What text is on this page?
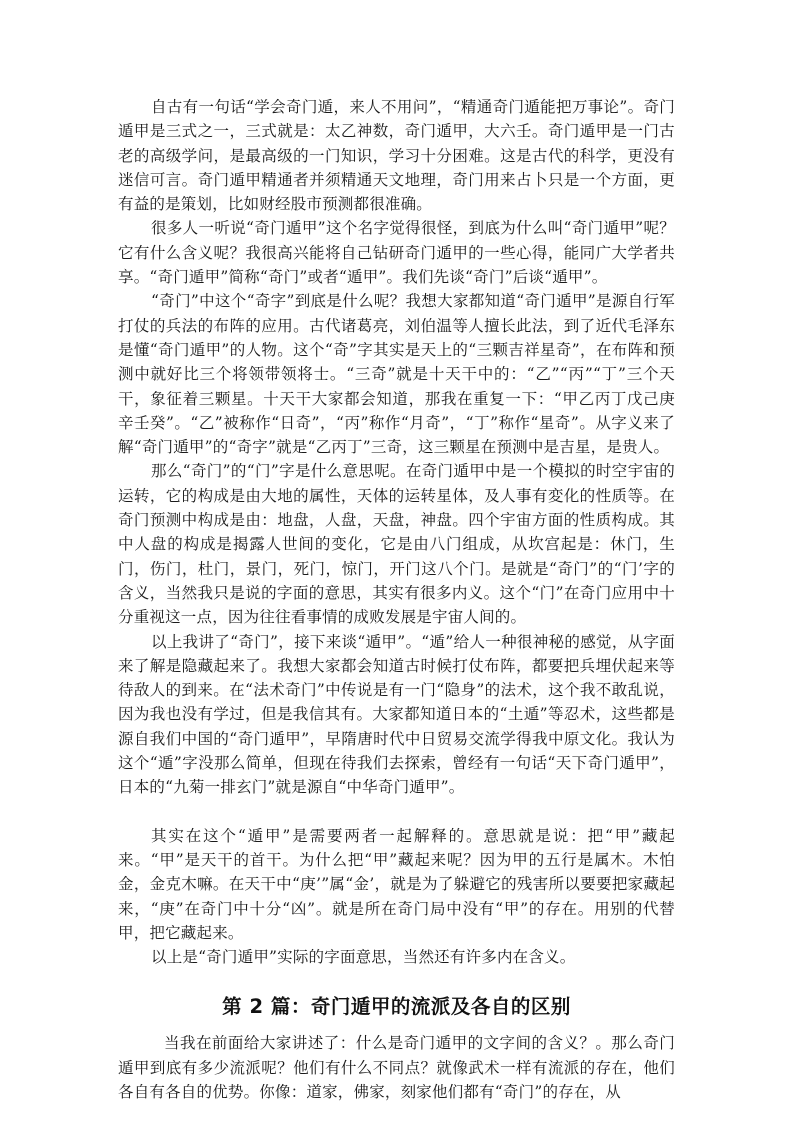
自古有一句话“学会奇门遁，来人不用问”，“精通奇门遁能把万事论”。奇门遁甲是三式之一，三式就是：太乙神数，奇门遁甲，大六壬。奇门遁甲是一门古老的高级学问，是最高级的一门知识，学习十分困难。这是古代的科学，更没有迷信可言。奇门遁甲精通者并须精通天文地理，奇门用来占卜只是一个方面，更有益的是策划，比如财经股市预测都很准确。

很多人一听说“奇门遁甲”这个名字觉得很怪，到底为什么叫“奇门遁甲”呢？它有什么含义呢？我很高兴能将自己钻研奇门遁甲的一些心得，能同广大学者共享。“奇门遁甲”简称“奇门”或者“遁甲”。我们先谈“奇门”后谈“遁甲”。

“奇门”中这个“奇字”到底是什么呢？我想大家都知道“奇门遁甲”是源自行军打仗的兵法的布阵的应用。古代诸葛亮，刘伯温等人擅长此法，到了近代毛泽东是懂“奇门遁甲”的人物。这个“奇”字其实是天上的“三颗吉祥星奇”，在布阵和预测中就好比三个将领带领将士。“三奇”就是十天干中的：“乙”“丙”“丁”三个天干，象征着三颗星。十天干大家都会知道，那我在重复一下：“甲乙丙丁戊己庚辛壬癸”。“乙”被称作“日奇”，“丙”称作“月奇”，“丁”称作“星奇”。从字义来了解“奇门遁甲”的“奇字”就是“乙丙丁”三奇，这三颗星在预测中是吉星，是贵人。

那么“奇门”的“门”字是什么意思呢。在奇门遁甲中是一个模拟的时空宇宙的运转，它的构成是由大地的属性，天体的运转星体，及人事有変化的性质等。在奇门预测中构成是由：地盘，人盘，天盘，神盘。四个宇宙方面的性质构成。其中人盘的构成是揭露人世间的变化，它是由八门组成，从坎宫起是：休门，生门，伤门，杜门，景门，死门，惊门，开门这八个门。是就是“奇门”的“门’字的含义，当然我只是说的字面的意思，其实有很多内义。这个“门”在奇门应用中十分重视这一点，因为往往看事情的成败发展是宇宙人间的。

以上我讲了“奇门”，接下来谈“遁甲”。“遁”给人一种很神秘的感觉，从字面来了解是隐藏起来了。我想大家都会知道古时候打仗布阵，都要把兵埋伏起来等待敌人的到来。在“法术奇门”中传说是有一门“隐身”的法术，这个我不敢乱说，因为我也没有学过，但是我信其有。大家都知道日本的“土遁”等忍术，这些都是源自我们中国的“奇门遁甲”，早隋唐时代中日贸易交流学得我中原文化。我认为这个“遁”字没那么简单，但现在待我们去探索，曾经有一句话“天下奇门遁甲”，日本的“九菊一排玄门”就是源自“中华奇门遁甲”。

其实在这个“遁甲”是需要两者一起解释的。意思就是说：把“甲”藏起来。“甲”是天干的首干。为什么把“甲”藏起来呢？因为甲的五行是属木。木怕金，金克木嘛。在天干中“庚’”属“金’，就是为了躲避它的残害所以要要把家藏起来，“庚”在奇门中十分“凶”。就是所在奇门局中没有“甲”的存在。用别的代替甲，把它藏起来。

以上是“奇门遁甲”实际的字面意思，当然还有许多内在含义。

第 2 篇：奇门遁甲的流派及各自的区别

当我在前面给大家讲述了：什么是奇门遁甲的文字间的含义？。那么奇门遁甲到底有多少流派呢？他们有什么不同点？就像武术一样有流派的存在，他们各自有各自的优势。你像：道家，佛家，刻家他们都有“奇门”的存在，从
